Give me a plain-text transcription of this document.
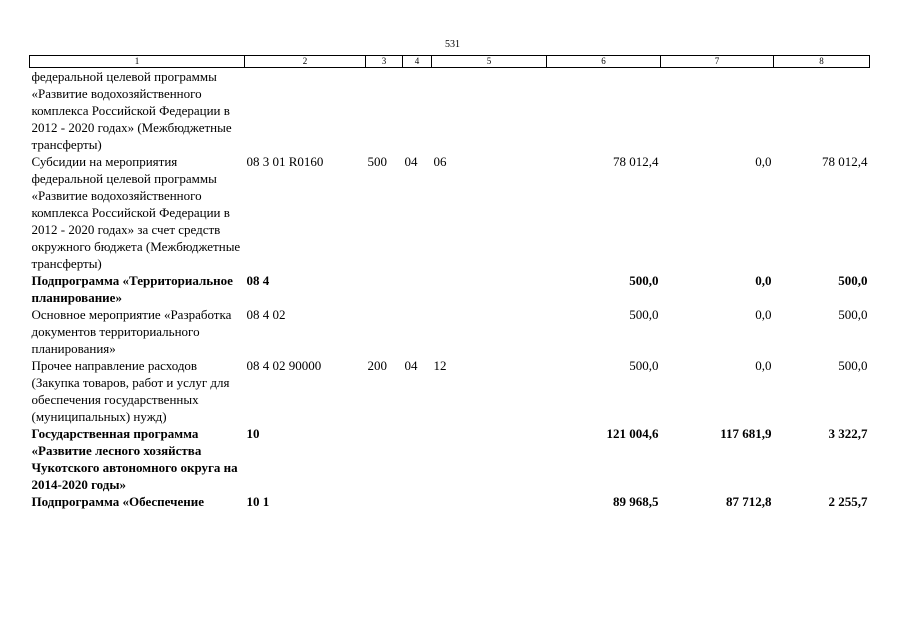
531
1	2	3	4	5	6	7	8
федеральной целевой программы «Развитие водохозяйственного комплекса Российской Федерации в 2012 - 2020 годах» (Межбюджетные трансферты)							
Субсидии на мероприятия федеральной целевой программы «Развитие водохозяйственного комплекса Российской Федерации в 2012 - 2020 годах» за счет средств окружного бюджета (Межбюджетные трансферты)	08 3 01 R0160	500	04	06	78 012,4	0,0	78 012,4
Подпрограмма «Территориальное планирование»	08 4				500,0	0,0	500,0
Основное мероприятие «Разработка документов территориального планирования»	08 4 02				500,0	0,0	500,0
Прочее направление расходов (Закупка товаров, работ и услуг для обеспечения государственных (муниципальных) нужд)	08 4 02 90000	200	04	12	500,0	0,0	500,0
Государственная программа «Развитие лесного хозяйства Чукотского автономного округа на 2014-2020 годы»	10				121 004,6	117 681,9	3 322,7
Подпрограмма «Обеспечение	10 1				89 968,5	87 712,8	2 255,7
